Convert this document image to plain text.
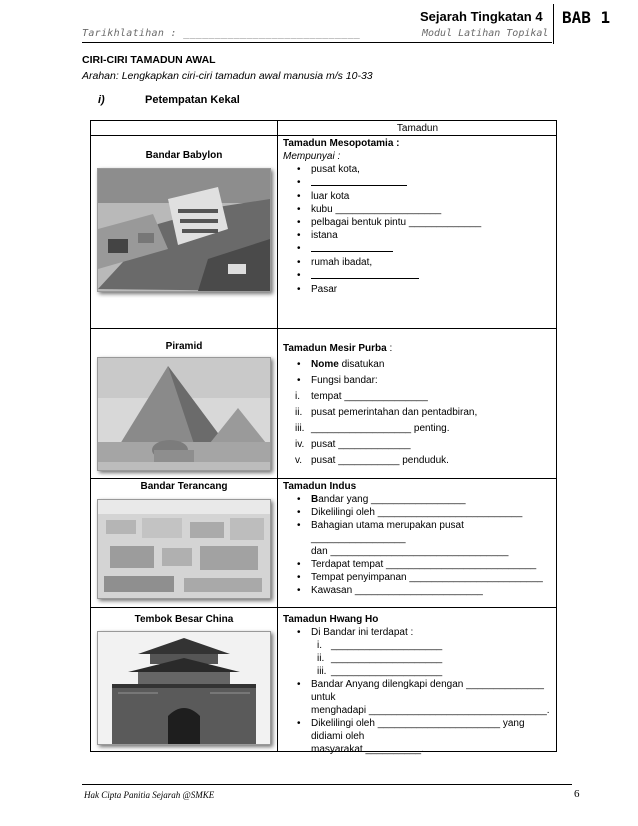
Tarikhlatihan : ____________________________
Sejarah Tingkatan 4
Modul Latihan Topikal
BAB 1
CIRI-CIRI TAMADUN AWAL
Arahan: Lengkapkan ciri-ciri tamadun awal manusia m/s 10-33
i)	Petempatan Kekal
Tamadun
Bandar Babylon
Tamadun Mesopotamia :
Mempunyai :
• pusat kota,
•
• luar kota
• kubu ___________________
• pelbagai bentuk pintu _____________
• istana
•
• rumah ibadat,
•
• Pasar
Piramid	Tamadun Mesir Purba :
• Nome disatukan
• Fungsi bandar:
i. tempat _______________
ii. pusat pemerintahan dan pentadbiran,
iii. __________________ penting.
iv. pusat _____________
v. pusat ___________ penduduk.
Bandar Terancang	Tamadun Indus
• Bandar yang _________________
• Dikelilingi oleh __________________________
• Bahagian utama merupakan pusat _________________
dan ________________________________
• Terdapat tempat ___________________________
• Tempat penyimpanan ________________________
• Kawasan _______________________
Tembok Besar China	Tamadun Hwang Ho
• Di Bandar ini terdapat :
i. ____________________
ii. ____________________
iii. ____________________
• Bandar Anyang dilengkapi dengan ______________ untuk
menghadapi ________________________________.
• Dikelilingi oleh ______________________ yang didiami oleh
masyarakat __________.
Hak Cipta Panitia Sejarah @SMKE	6
